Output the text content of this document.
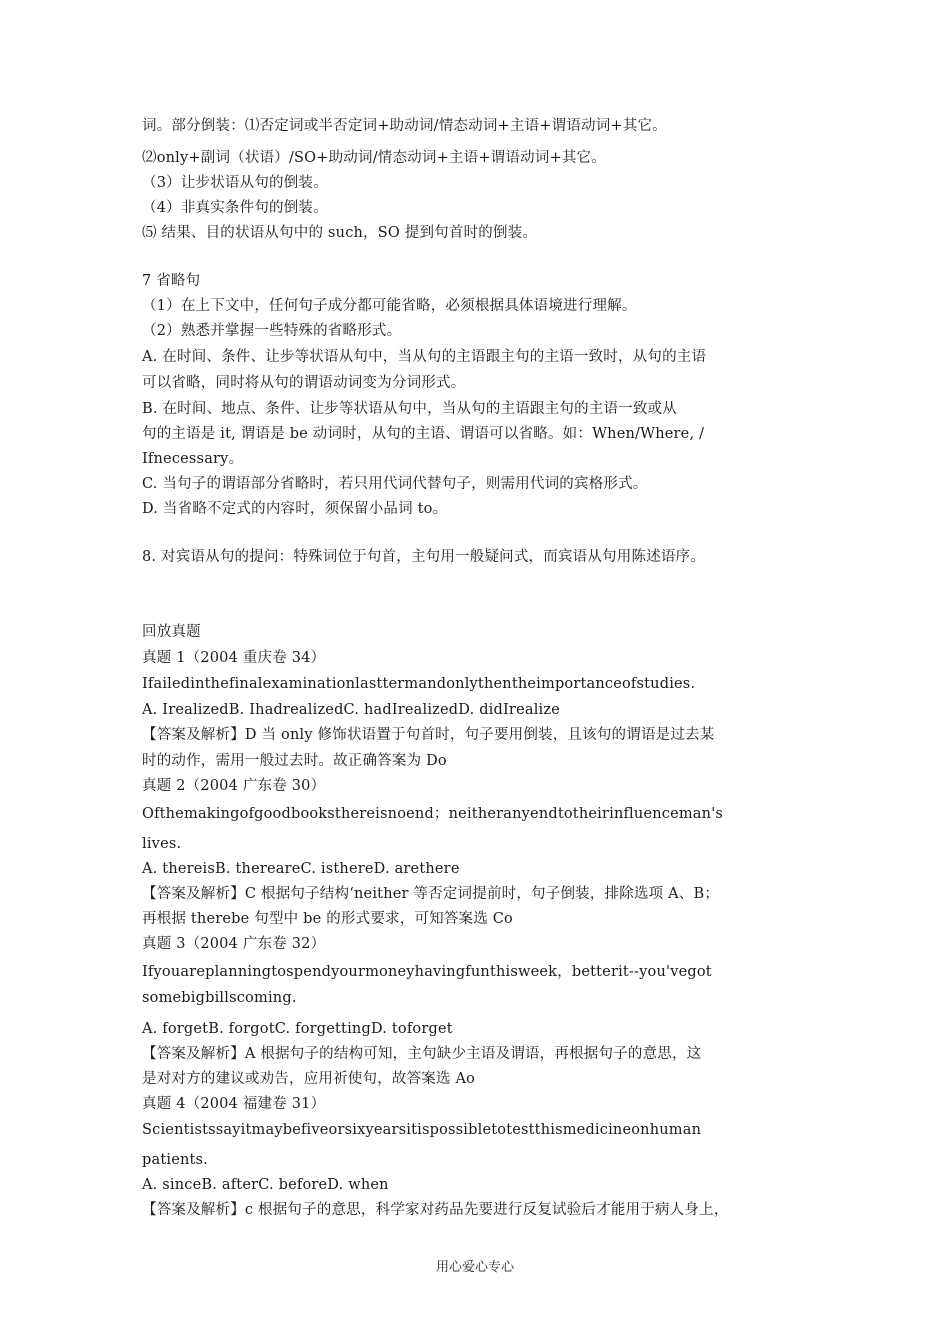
词。部分倒装：⑴否定词或半否定词+助动词/情态动词+主语+谓语动词+其它。
⑵only+副词（状语）/SO+助动词/情态动词+主语+谓语动词+其它。
（3）让步状语从句的倒装。
（4）非真实条件句的倒装。
⑸ 结果、目的状语从句中的 such，SO 提到句首时的倒装。
7 省略句
（1）在上下文中，任何句子成分都可能省略，必须根据具体语境进行理解。
（2）熟悉并掌握一些特殊的省略形式。
A. 在时间、条件、让步等状语从句中，当从句的主语跟主句的主语一致时，从句的主语
可以省略，同时将从句的谓语动词变为分词形式。
B. 在时间、地点、条件、让步等状语从句中，当从句的主语跟主句的主语一致或从
句的主语是 it, 谓语是 be 动词时，从句的主语、谓语可以省略。如：When/Where, /
Ifnecessary。
C. 当句子的谓语部分省略时，若只用代词代替句子，则需用代词的宾格形式。
D. 当省略不定式的内容时，须保留小品词 to。
8. 对宾语从句的提问：特殊词位于句首，主句用一般疑问式，而宾语从句用陈述语序。
回放真题
真题 1（2004 重庆卷 34）
Ifailedinthefinalexaminationlasttermandonlythentheimportanceofstudies.
A. IrealizedB. IhadrealizedC. hadIrealizedD. didIrealize
【答案及解析】D 当 only 修饰状语置于句首时，句子要用倒装，且该句的谓语是过去某
时的动作，需用一般过去时。故正确答案为 Do
真题 2（2004 广东卷 30）
Ofthemakingofgoodbooksthereisnoend；neitheranyendtotheirinfluenceman's
lives.
A. thereisB. thereareC. isthereD. arethere
【答案及解析】C 根据句子结构‘neither 等否定词提前时，句子倒装，排除选项 A、B；
再根据 therebe 句型中 be 的形式要求，可知答案选 Co
真题 3（2004 广东卷 32）
Ifyouareplanningtospendyourmoneyhavingfunthisweek，betterit--you'vegot
somebigbillscoming.
A. forgetB. forgotC. forgettingD. toforget
【答案及解析】A 根据句子的结构可知，主句缺少主语及谓语，再根据句子的意思，这
是对对方的建议或劝告，应用祈使句，故答案选 Ao
真题 4（2004 福建卷 31）
Scientistssayitmaybefiveorsixyearsitispossibletotestthismedicineonhuman
patients.
A. sinceB. afterC. beforeD. when
【答案及解析】c 根据句子的意思，科学家对药品先要进行反复试验后才能用于病人身上，
用心爱心专心
